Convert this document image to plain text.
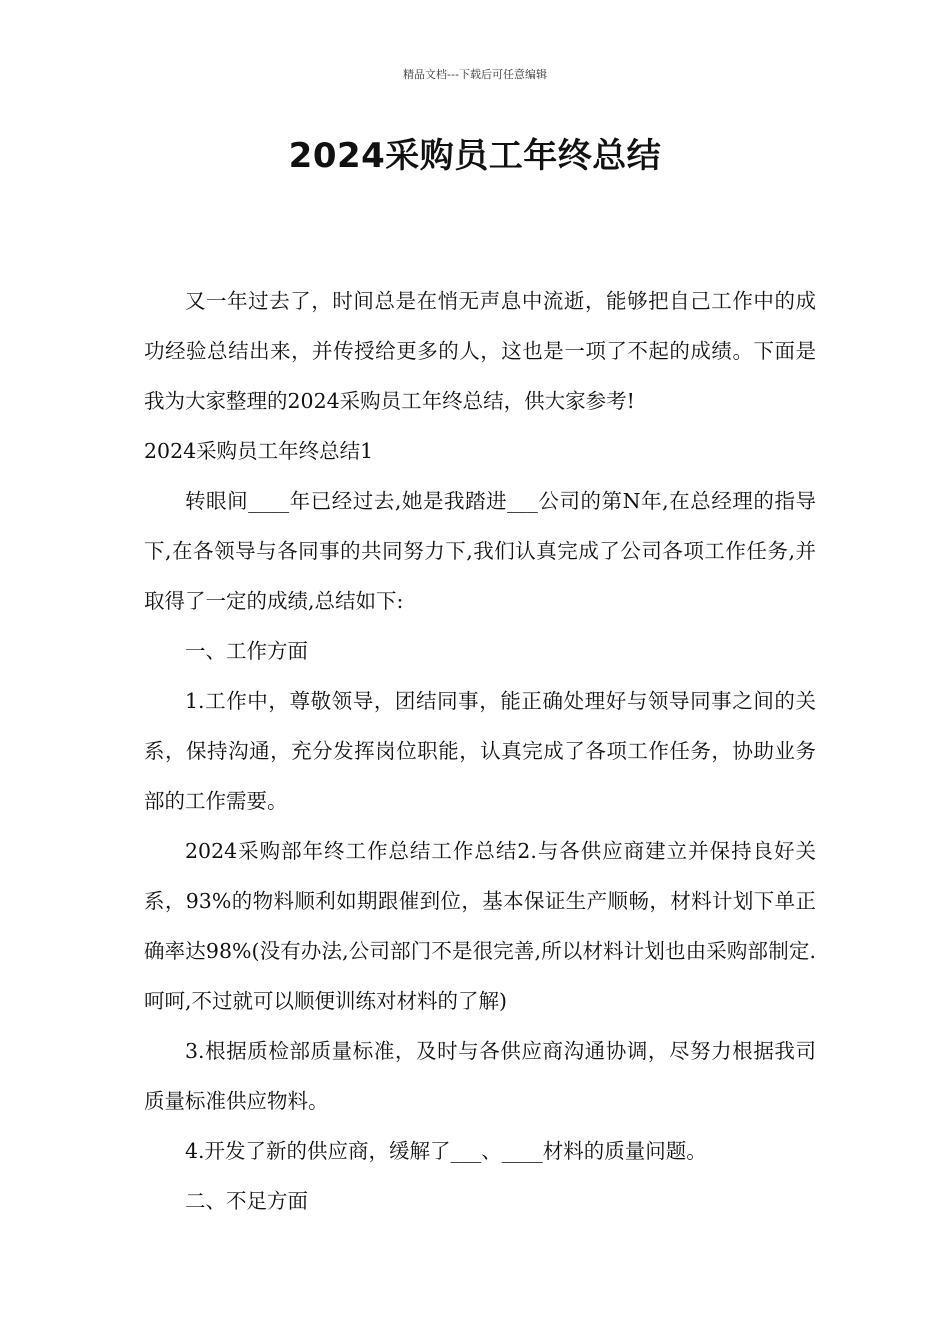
精品文档---下载后可任意编辑
2024采购员工年终总结

又一年过去了，时间总是在悄无声息中流逝，能够把自己工作中的成功经验总结出来，并传授给更多的人，这也是一项了不起的成绩。下面是我为大家整理的2024采购员工年终总结，供大家参考!

2024采购员工年终总结1

转眼间____年已经过去,她是我踏进___公司的第N年,在总经理的指导下,在各领导与各同事的共同努力下,我们认真完成了公司各项工作任务,并取得了一定的成绩,总结如下:

一、工作方面

1.工作中，尊敬领导，团结同事，能正确处理好与领导同事之间的关系，保持沟通，充分发挥岗位职能，认真完成了各项工作任务，协助业务部的工作需要。

2024采购部年终工作总结工作总结2.与各供应商建立并保持良好关系，93%的物料顺利如期跟催到位，基本保证生产顺畅，材料计划下单正确率达98%(没有办法,公司部门不是很完善,所以材料计划也由采购部制定.呵呵,不过就可以顺便训练对材料的了解)

3.根据质检部质量标准，及时与各供应商沟通协调，尽努力根据我司质量标准供应物料。

4.开发了新的供应商，缓解了___、____材料的质量问题。

二、不足方面
